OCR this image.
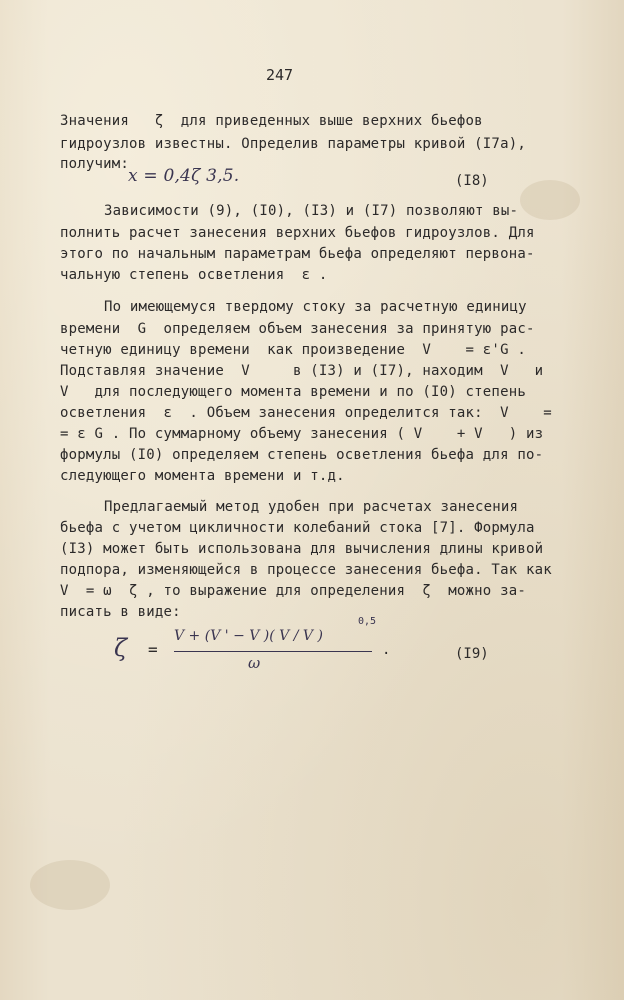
247
Значения   ζ  для приведенных выше верхних бьефов
гидроузлов известны. Определив параметры кривой (I7а),
получим:
x = 0,4ζ 3,5.	(I8)
Зависимости (9), (I0), (I3) и (I7) позволяют вы-
полнить расчет занесения верхних бьефов гидроузлов. Для
этого по начальным параметрам бьефа определяют первона-
чальную степень осветления  ε .
По имеющемуся твердому стоку за расчетную единицу
времени  G  определяем объем занесения за принятую рас-
четную единицу времени  как произведение  V    = ε'G .
Подставляя значение  V     в (I3) и (I7), находим  V   и
V   для последующего момента времени и по (I0) степень
осветления  ε  . Объем занесения определится так:  V    =
= ε G . По суммарному объему занесения ( V    + V   ) из
формулы (I0) определяем степень осветления бьефа для по-
следующего момента времени и т.д.
Предлагаемый метод удобен при расчетах занесения
бьефа с учетом цикличности колебаний стока [7]. Формула
(I3) может быть использована для вычисления длины кривой
подпора, изменяющейся в процессе занесения бьефа. Так как
V  = ω  ζ , то выражение для определения  ζ  можно за-
писать в виде:
ζ =
V + (V ' − V )( V / V )
0,5
ω
.	(I9)
